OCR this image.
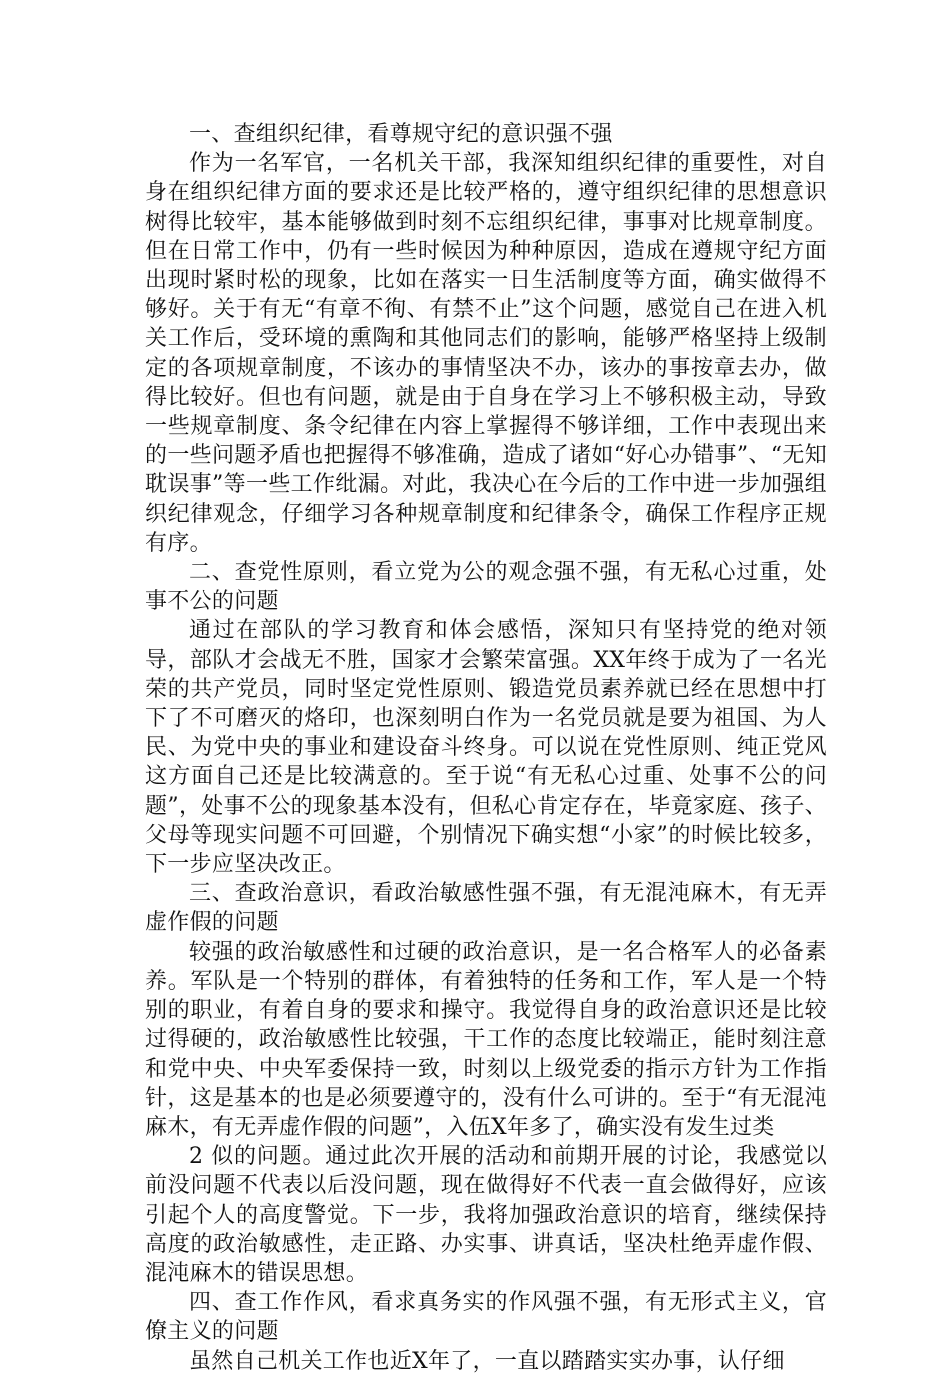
一、查组织纪律，看尊规守纪的意识强不强

作为一名军官，一名机关干部，我深知组织纪律的重要性，对自身在组织纪律方面的要求还是比较严格的，遵守组织纪律的思想意识树得比较牢，基本能够做到时刻不忘组织纪律，事事对比规章制度。但在日常工作中，仍有一些时候因为种种原因，造成在遵规守纪方面出现时紧时松的现象，比如在落实一日生活制度等方面，确实做得不够好。关于有无“有章不徇、有禁不止”这个问题，感觉自己在进入机关工作后，受环境的熏陶和其他同志们的影响，能够严格坚持上级制定的各项规章制度，不该办的事情坚决不办，该办的事按章去办，做得比较好。但也有问题，就是由于自身在学习上不够积极主动，导致一些规章制度、条令纪律在内容上掌握得不够详细，工作中表现出来的一些问题矛盾也把握得不够准确，造成了诸如“好心办错事”、“无知耽误事”等一些工作纰漏。对此，我决心在今后的工作中进一步加强组织纪律观念，仔细学习各种规章制度和纪律条令，确保工作程序正规有序。

二、查党性原则，看立党为公的观念强不强，有无私心过重，处事不公的问题

通过在部队的学习教育和体会感悟，深知只有坚持党的绝对领导，部队才会战无不胜，国家才会繁荣富强。XX年终于成为了一名光荣的共产党员，同时坚定党性原则、锻造党员素养就已经在思想中打下了不可磨灭的烙印，也深刻明白作为一名党员就是要为祖国、为人民、为党中央的事业和建设奋斗终身。可以说在党性原则、纯正党风这方面自己还是比较满意的。至于说“有无私心过重、处事不公的问题”，处事不公的现象基本没有，但私心肯定存在，毕竟家庭、孩子、父母等现实问题不可回避，个别情况下确实想“小家”的时候比较多，下一步应坚决改正。

三、查政治意识，看政治敏感性强不强，有无混沌麻木，有无弄虚作假的问题

较强的政治敏感性和过硬的政治意识，是一名合格军人的必备素养。军队是一个特别的群体，有着独特的任务和工作，军人是一个特别的职业，有着自身的要求和操守。我觉得自身的政治意识还是比较过得硬的，政治敏感性比较强，干工作的态度比较端正，能时刻注意和党中央、中央军委保持一致，时刻以上级党委的指示方针为工作指针，这是基本的也是必须要遵守的，没有什么可讲的。至于“有无混沌麻木，有无弄虚作假的问题”，入伍X年多了，确实没有发生过类

2 似的问题。通过此次开展的活动和前期开展的讨论，我感觉以前没问题不代表以后没问题，现在做得好不代表一直会做得好，应该引起个人的高度警觉。下一步，我将加强政治意识的培育，继续保持高度的政治敏感性，走正路、办实事、讲真话，坚决杜绝弄虚作假、混沌麻木的错误思想。

四、查工作作风，看求真务实的作风强不强，有无形式主义，官僚主义的问题

虽然自己机关工作也近X年了，一直以踏踏实实办事，认仔细
